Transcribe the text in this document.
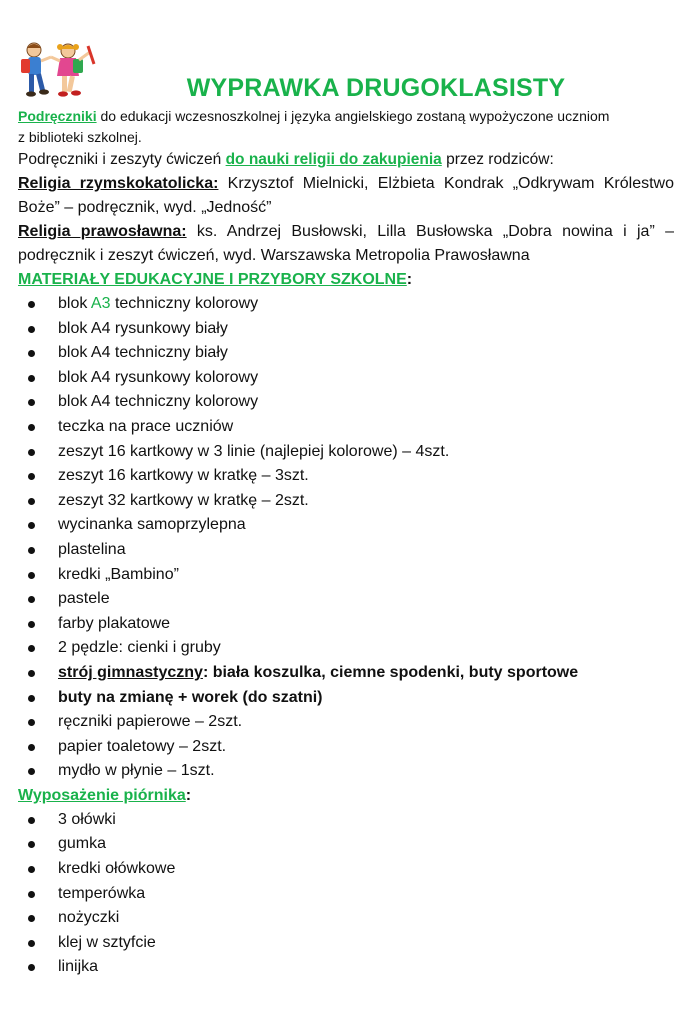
WYPRAWKA DRUGOKLASISTY

Podręczniki do edukacji wczesnoszkolnej i języka angielskiego zostaną wypożyczone uczniom
z biblioteki szkolnej.

Podręczniki i zeszyty ćwiczeń do nauki religii do zakupienia przez rodziców:

Religia rzymskokatolicka: Krzysztof Mielnicki, Elżbieta Kondrak „Odkrywam Królestwo Boże” – podręcznik, wyd. „Jedność”

Religia prawosławna: ks. Andrzej Busłowski, Lilla Busłowska „Dobra nowina i ja” – podręcznik i zeszyt ćwiczeń, wyd. Warszawska Metropolia Prawosławna

MATERIAŁY EDUKACYJNE I PRZYBORY SZKOLNE:

blok A3 techniczny kolorowy
blok A4 rysunkowy biały
blok A4 techniczny biały
blok A4 rysunkowy kolorowy
blok A4 techniczny kolorowy
teczka na prace uczniów
zeszyt 16 kartkowy w 3 linie (najlepiej kolorowe) – 4szt.
zeszyt 16 kartkowy w kratkę – 3szt.
zeszyt 32 kartkowy w kratkę – 2szt.
wycinanka samoprzylepna
plastelina
kredki „Bambino”
pastele
farby plakatowe
2 pędzle: cienki i gruby
strój gimnastyczny: biała koszulka, ciemne spodenki, buty sportowe
buty na zmianę + worek (do szatni)
ręczniki papierowe – 2szt.
papier toaletowy – 2szt.
mydło w płynie – 1szt.

Wyposażenie piórnika:

3 ołówki
gumka
kredki ołówkowe
temperówka
nożyczki
klej w sztyfcie
linijka
